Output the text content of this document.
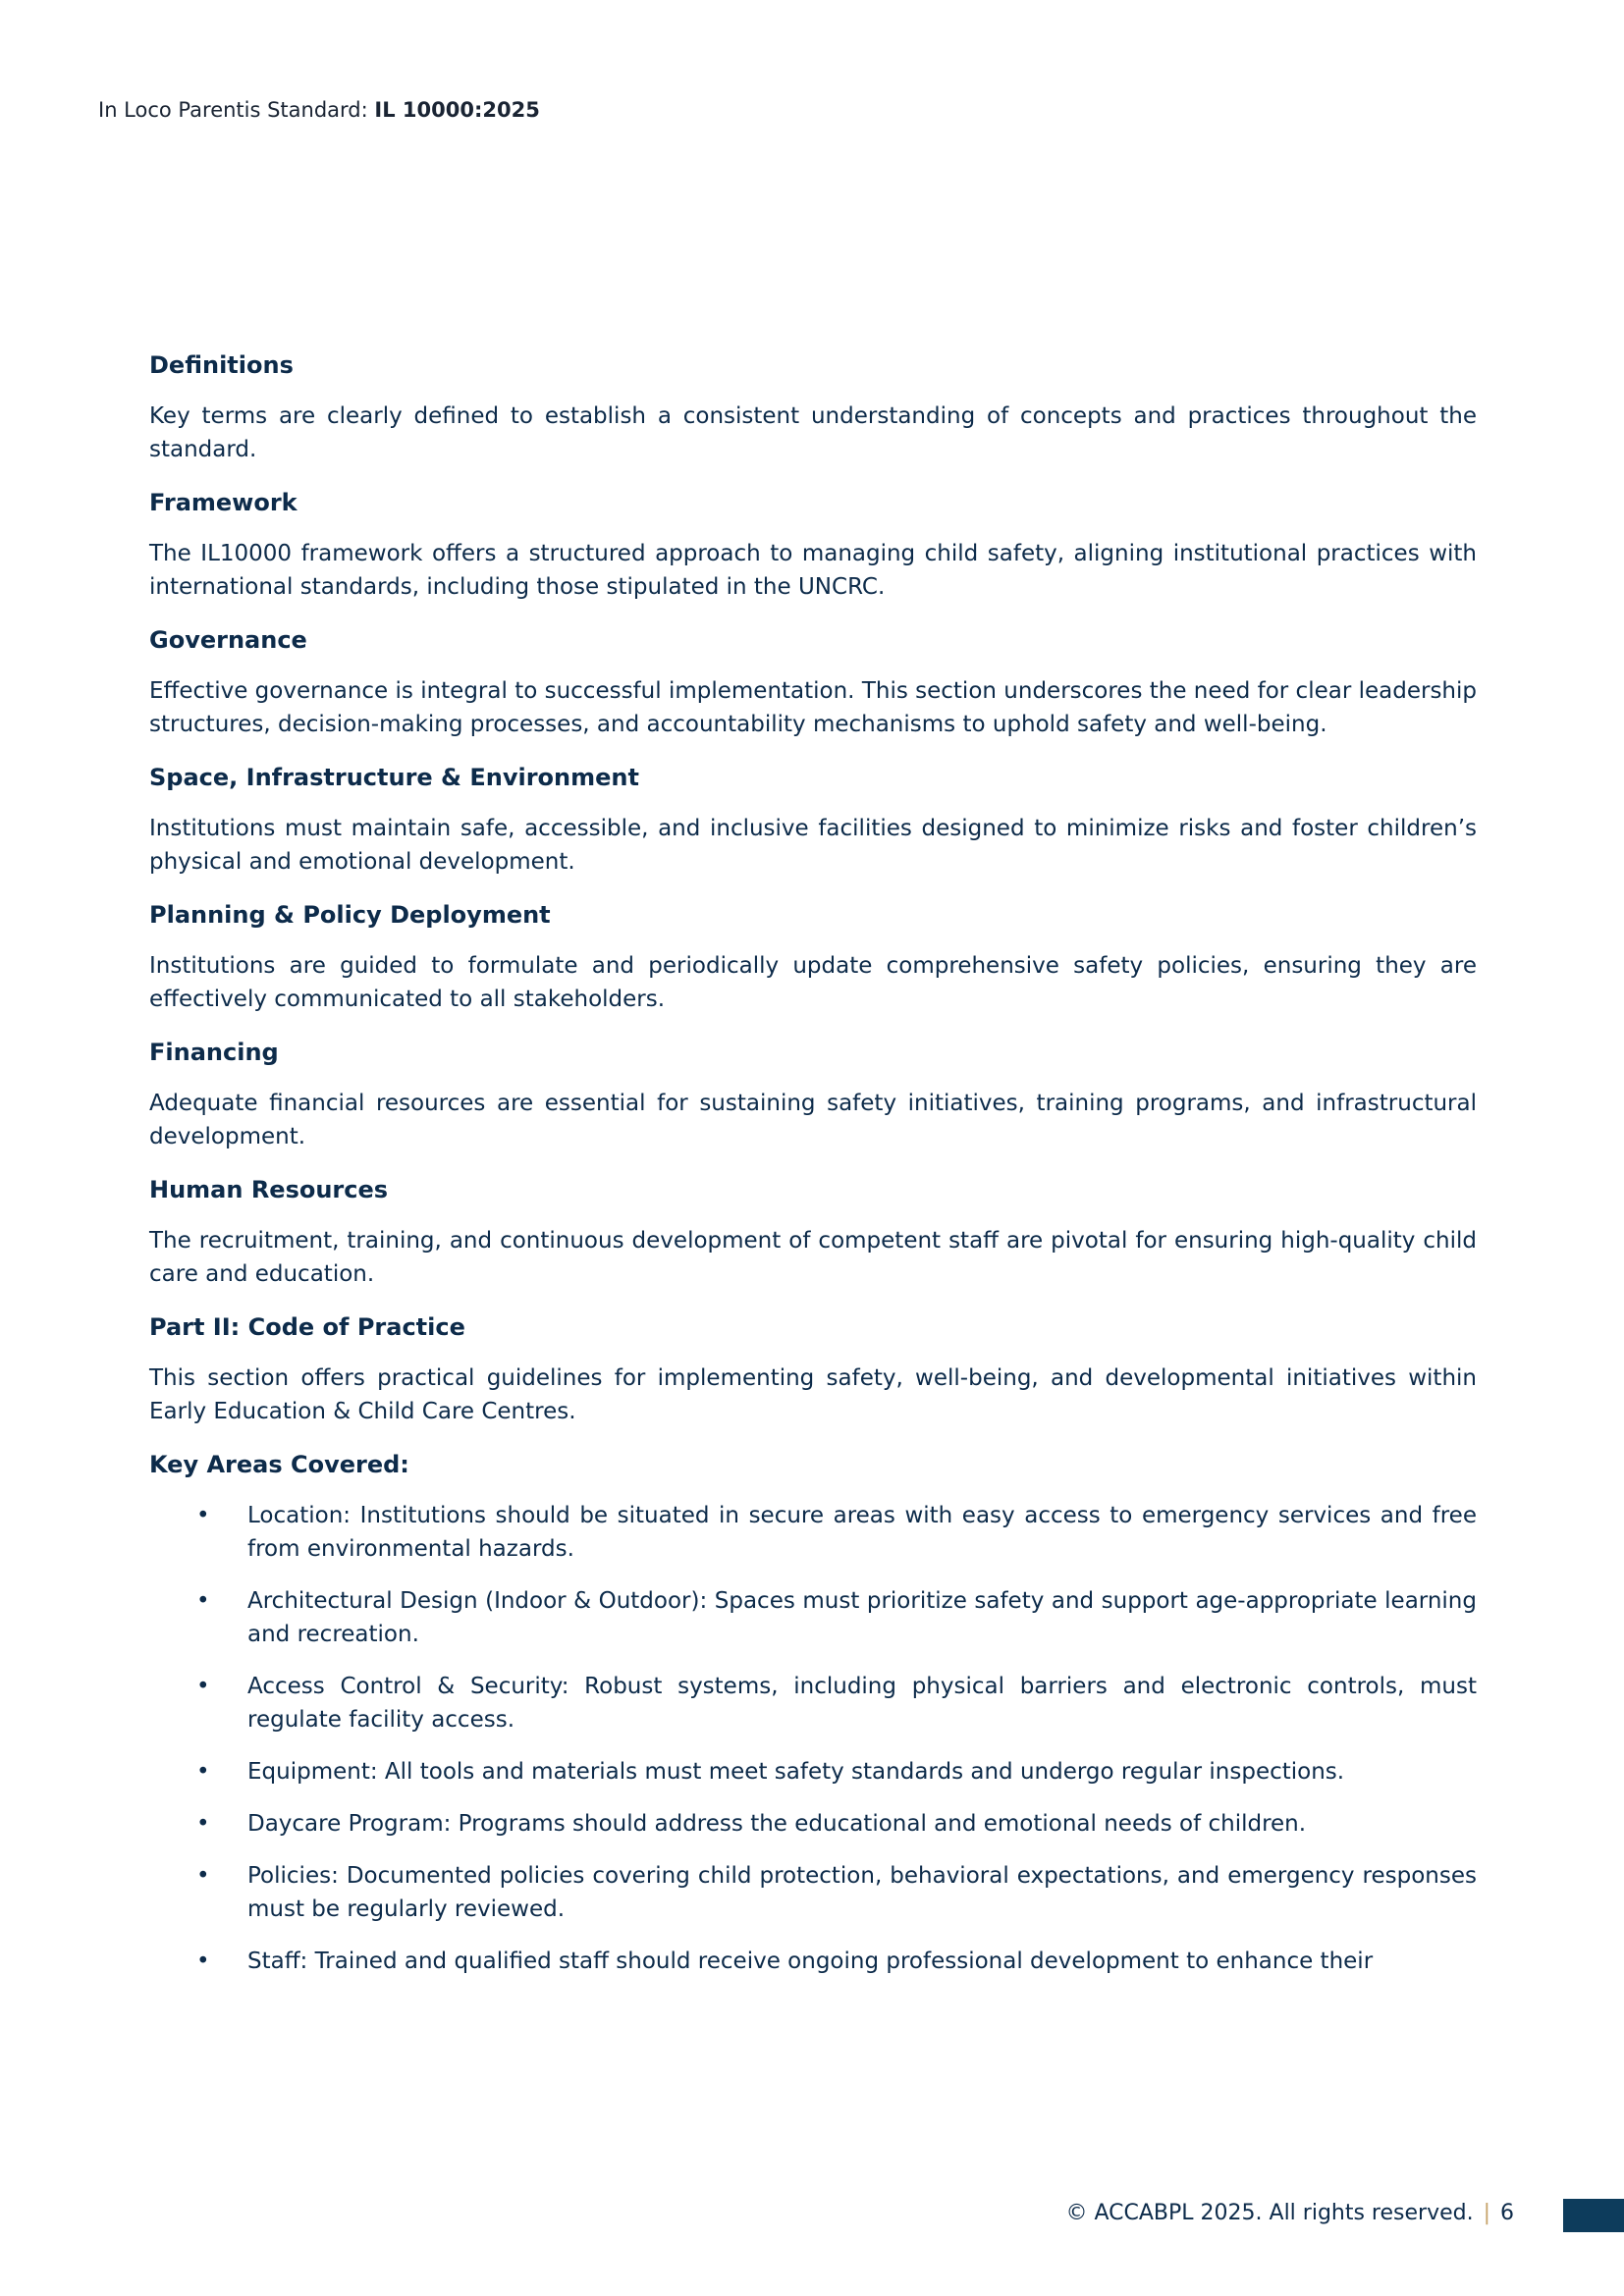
In Loco Parentis Standard: IL 10000:2025
Definitions

Key terms are clearly defined to establish a consistent understanding of concepts and practices throughout the standard.

Framework

The IL10000 framework offers a structured approach to managing child safety, aligning institutional practices with international standards, including those stipulated in the UNCRC.

Governance

Effective governance is integral to successful implementation. This section underscores the need for clear leadership structures, decision-making processes, and accountability mechanisms to uphold safety and well-being.

Space, Infrastructure & Environment

Institutions must maintain safe, accessible, and inclusive facilities designed to minimize risks and foster children’s physical and emotional development.

Planning & Policy Deployment

Institutions are guided to formulate and periodically update comprehensive safety policies, ensuring they are effectively communicated to all stakeholders.

Financing

Adequate financial resources are essential for sustaining safety initiatives, training programs, and infrastructural development.

Human Resources

The recruitment, training, and continuous development of competent staff are pivotal for ensuring high-quality child care and education.

Part II: Code of Practice

This section offers practical guidelines for implementing safety, well-being, and developmental initiatives within Early Education & Child Care Centres.

Key Areas Covered:
• Location: Institutions should be situated in secure areas with easy access to emergency services and free from environmental hazards.
• Architectural Design (Indoor & Outdoor): Spaces must prioritize safety and support age-appropriate learning and recreation.
• Access Control & Security: Robust systems, including physical barriers and electronic controls, must regulate facility access.
• Equipment: All tools and materials must meet safety standards and undergo regular inspections.
• Daycare Program: Programs should address the educational and emotional needs of children.
• Policies: Documented policies covering child protection, behavioral expectations, and emergency responses must be regularly reviewed.
• Staff: Trained and qualified staff should receive ongoing professional development to enhance their
© ACCABPL 2025. All rights reserved. | 6
